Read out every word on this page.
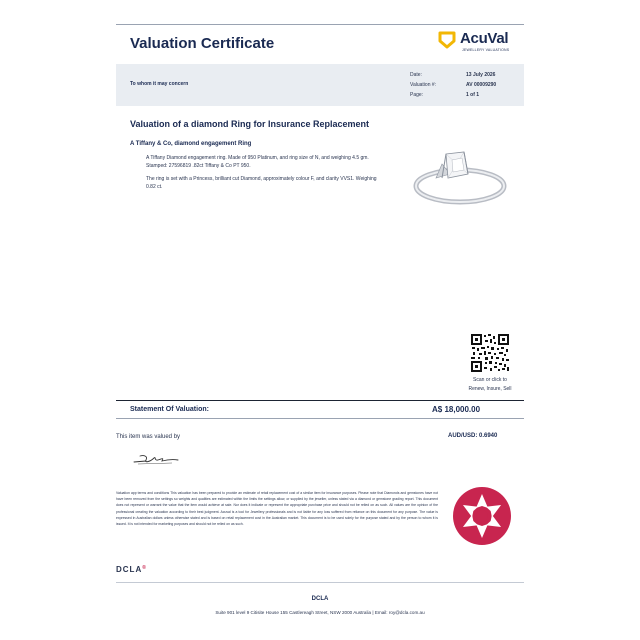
Valuation Certificate	AcuVal
JEWELLERY VALUATIONS
To whom it may concern
Date:	13 July 2026
Valuation #:	AV 00009290
Page:	1 of 1
Valuation of a diamond Ring for Insurance Replacement
A Tiffany & Co, diamond engagement Ring
A Tiffany Diamond engagement ring. Made of 950 Platinum, and ring size of N, and weighing 4.5 gm. Stamped: 27596819 .82ct Tiffany & Co PT 950.
The ring is set with a Princess, brilliant cut Diamond, approximately colour F, and clarity VVS1. Weighing 0.82 ct.
Scan or click to
Renew, Insure, Sell
Statement Of Valuation:	A$ 18,000.00
This item was valued by	AUD/USD: 0.6940
Valuation app terms and conditions This valuation has been prepared to provide an estimate of retail replacement cost of a similar item for insurance purposes. Please note that Diamonds and gemstones have not have been removed from the settings so weights and qualities are estimated within the limits the settings allow, or supplied by the jeweller, unless stated via a diamond or gemstone grading report. This document does not represent or warrant the value that the item would achieve at sale. Nor does it indicate or represent the appropriate purchase price and should not be relied on as such. All values are the opinion of the professional creating the valuation according to their best judgment. Acuval is a tool for Jewellery professionals and is not liable for any loss suffered from reliance on this document for any purpose. The value is expressed in Australian dollars unless otherwise stated and is based on retail replacement cost in the Australian market. This document is to be used solely for the purpose stated and by the person to whom it is issued. It is not intended for marketing purposes and should not be relied on as such.
DCLA®
DCLA
Suite 901 level 9 Citisite House 155 Castlereagh Street, NSW 2000 Australia | Email: roy@dcla.com.au
